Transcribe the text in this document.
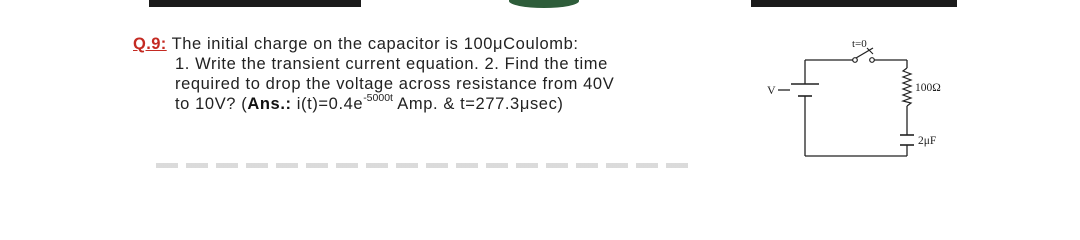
Q.9: The initial charge on the capacitor is 100μCoulomb:
1. Write the transient current equation. 2. Find the time
required to drop the voltage across resistance from 40V
to 10V? (Ans.: $i(t)=0.4e^{-5000t}$ Amp. & t=277.3μsec)
t=0
V	100Ω
2μF
